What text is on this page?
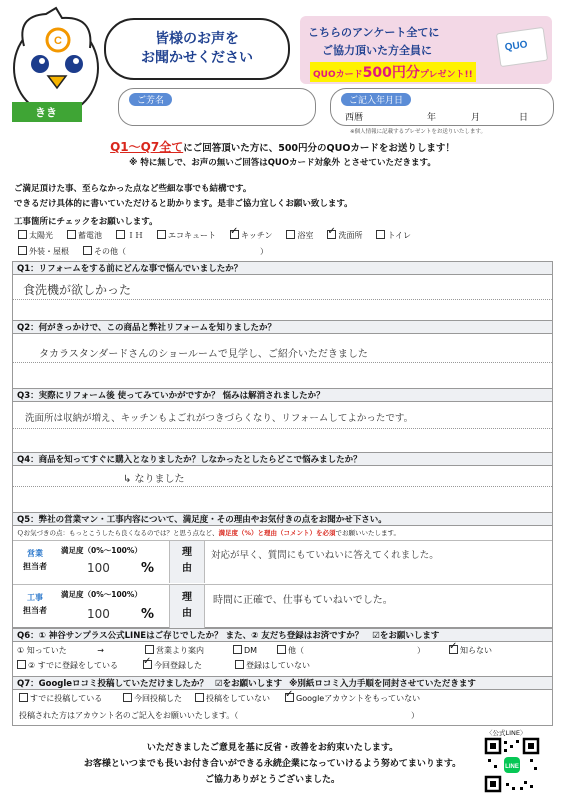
C
きき
皆様のお声を
お聞かせください
こちらのアンケート全てに
ご協力頂いた方全員に
QUOカード500円分プレゼント!!
QUO
ご芳名	ご記入年月日
西暦	年	月	日
※個人情報に記載するプレゼントをお送りいたします。
Q1～Q7全てにご回答頂いた方に、500円分のQUOカードをお送りします！
※ 特に無しで、お声の無いご回答はQUOカード対象外 とさせていただきます。
ご満足頂けた事、至らなかった点など些細な事でも結構です。
できるだけ具体的に書いていただけると助かります。是非ご協力宜しくお願い致します。
工事箇所にチェックをお願いします。
太陽光	蓄電池	ＩＨ	エコキュート ✓	キッチン	浴室 ✓	洗面所	トイレ
外装・屋根	その他（	）
Q1：リフォームをする前にどんな事で悩んでいましたか？
食洗機が欲しかった
Q2：何がきっかけで、この商品と弊社リフォームを知りましたか？
タカラスタンダードさんのショールームで見学し、ご紹介いただきました
Q3：実際にリフォーム後 使ってみていかがですか？ 悩みは解消されましたか？
洗面所は収納が増え、キッチンもよごれがつきづらくなり、リフォームしてよかったです。
Q4：商品を知ってすぐに購入となりましたか？しなかったとしたらどこで悩みましたか？
↳ なりました
Q5：弊社の営業マン・工事内容について、満足度・その理由やお気付きの点をお聞かせ下さい。
Ｑお気づきの点：もっとこうしたら良くなるのでは？と思う点など、満足度（%）と理由（コメント）を必須でお願いいたします。
営業
担当者
満足度（0%～100%）
100 %
理
由
対応が早く、質問にもていねいに答えてくれました。
工事
担当者
満足度（0%～100%）
100 %
理
由
時間に正確で、仕事もていねいでした。
Q6：① 神谷サンプラス公式LINEはご存じでしたか？ また、② 友だち登録はお済ですか？ ☑をお願いします
① 知っていた	→	営業より案内	DM	他（	） ✓	知らない
② すでに登録をしている ✓	今回登録した	登録はしていない
Q7：Googleロコミ投稿していただけましたか？ ☑をお願いします ※別紙ロコミ入力手順を同封させていただきます
すでに投稿している	今回投稿した	投稿をしていない ✓	Googleアカウントをもっていない
投稿された方はアカウント名のご記入をお願いいたします。（	）
いただきましたご意見を基に反省・改善をお約束いたします。
お客様といつまでも長いお付き合いができる永続企業になっていけるよう努めてまいります。
ご協力ありがとうございました。
〈公式LINE〉
LINE
